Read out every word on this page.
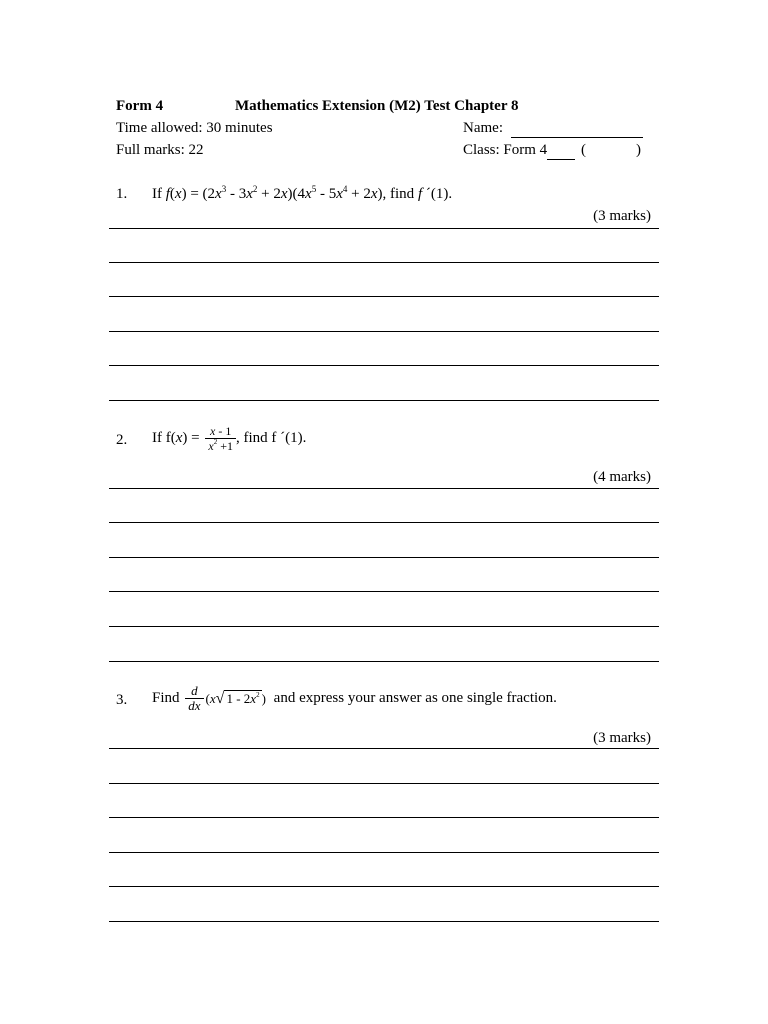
Form 4	Mathematics Extension (M2) Test Chapter 8
Time allowed: 30 minutes	Name:
Full marks: 22	Class: Form 4 (	)
1. If $f(x) = (2x^3 - 3x^2 + 2x)(4x^5 - 5x^4 + 2x)$, find f ´(1).
(3 marks)
2. If $f(x) = \frac{x - 1}{x^2 +1}$ , find f ´(1).
(4 marks)
3. Find $\frac{d}{dx} (x√$ $1 - 2x^2$ ) and express your answer as one single fraction.
(3 marks)
